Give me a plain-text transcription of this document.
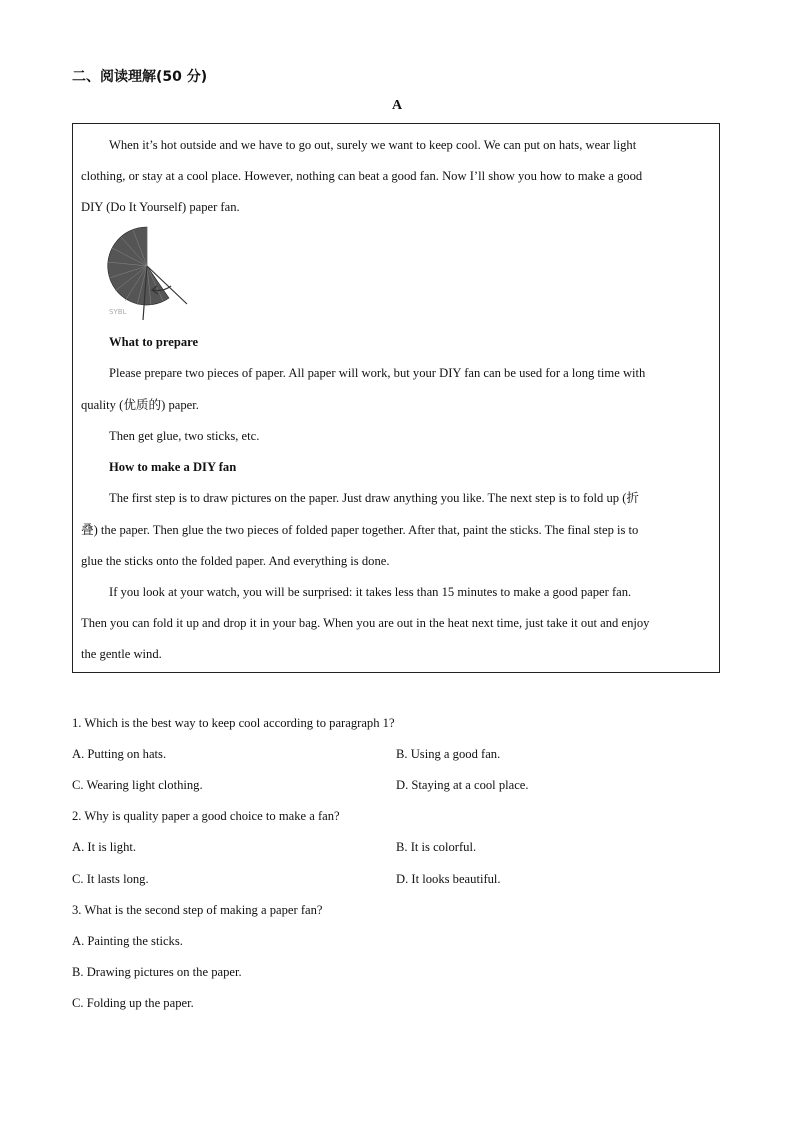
二、阅读理解(50 分)
A

When it’s hot outside and we have to go out, surely we want to keep cool. We can put on hats, wear light

clothing, or stay at a cool place. However, nothing can beat a good fan. Now I’ll show you how to make a good

DIY (Do It Yourself) paper fan.

SYBL

What to prepare

Please prepare two pieces of paper. All paper will work, but your DIY fan can be used for a long time with

quality (优质的) paper.

Then get glue, two sticks, etc.

How to make a DIY fan

The first step is to draw pictures on the paper. Just draw anything you like. The next step is to fold up (折

叠) the paper. Then glue the two pieces of folded paper together. After that, paint the sticks. The final step is to

glue the sticks onto the folded paper. And everything is done.

If you look at your watch, you will be surprised: it takes less than 15 minutes to make a good paper fan.

Then you can fold it up and drop it in your bag. When you are out in the heat next time, just take it out and enjoy

the gentle wind.

1. Which is the best way to keep cool according to paragraph 1?
A. Putting on hats.	B. Using a good fan.
C. Wearing light clothing.	D. Staying at a cool place.
2. Why is quality paper a good choice to make a fan?
A. It is light.	B. It is colorful.
C. It lasts long.	D. It looks beautiful.
3. What is the second step of making a paper fan?
A. Painting the sticks.
B. Drawing pictures on the paper.
C. Folding up the paper.
